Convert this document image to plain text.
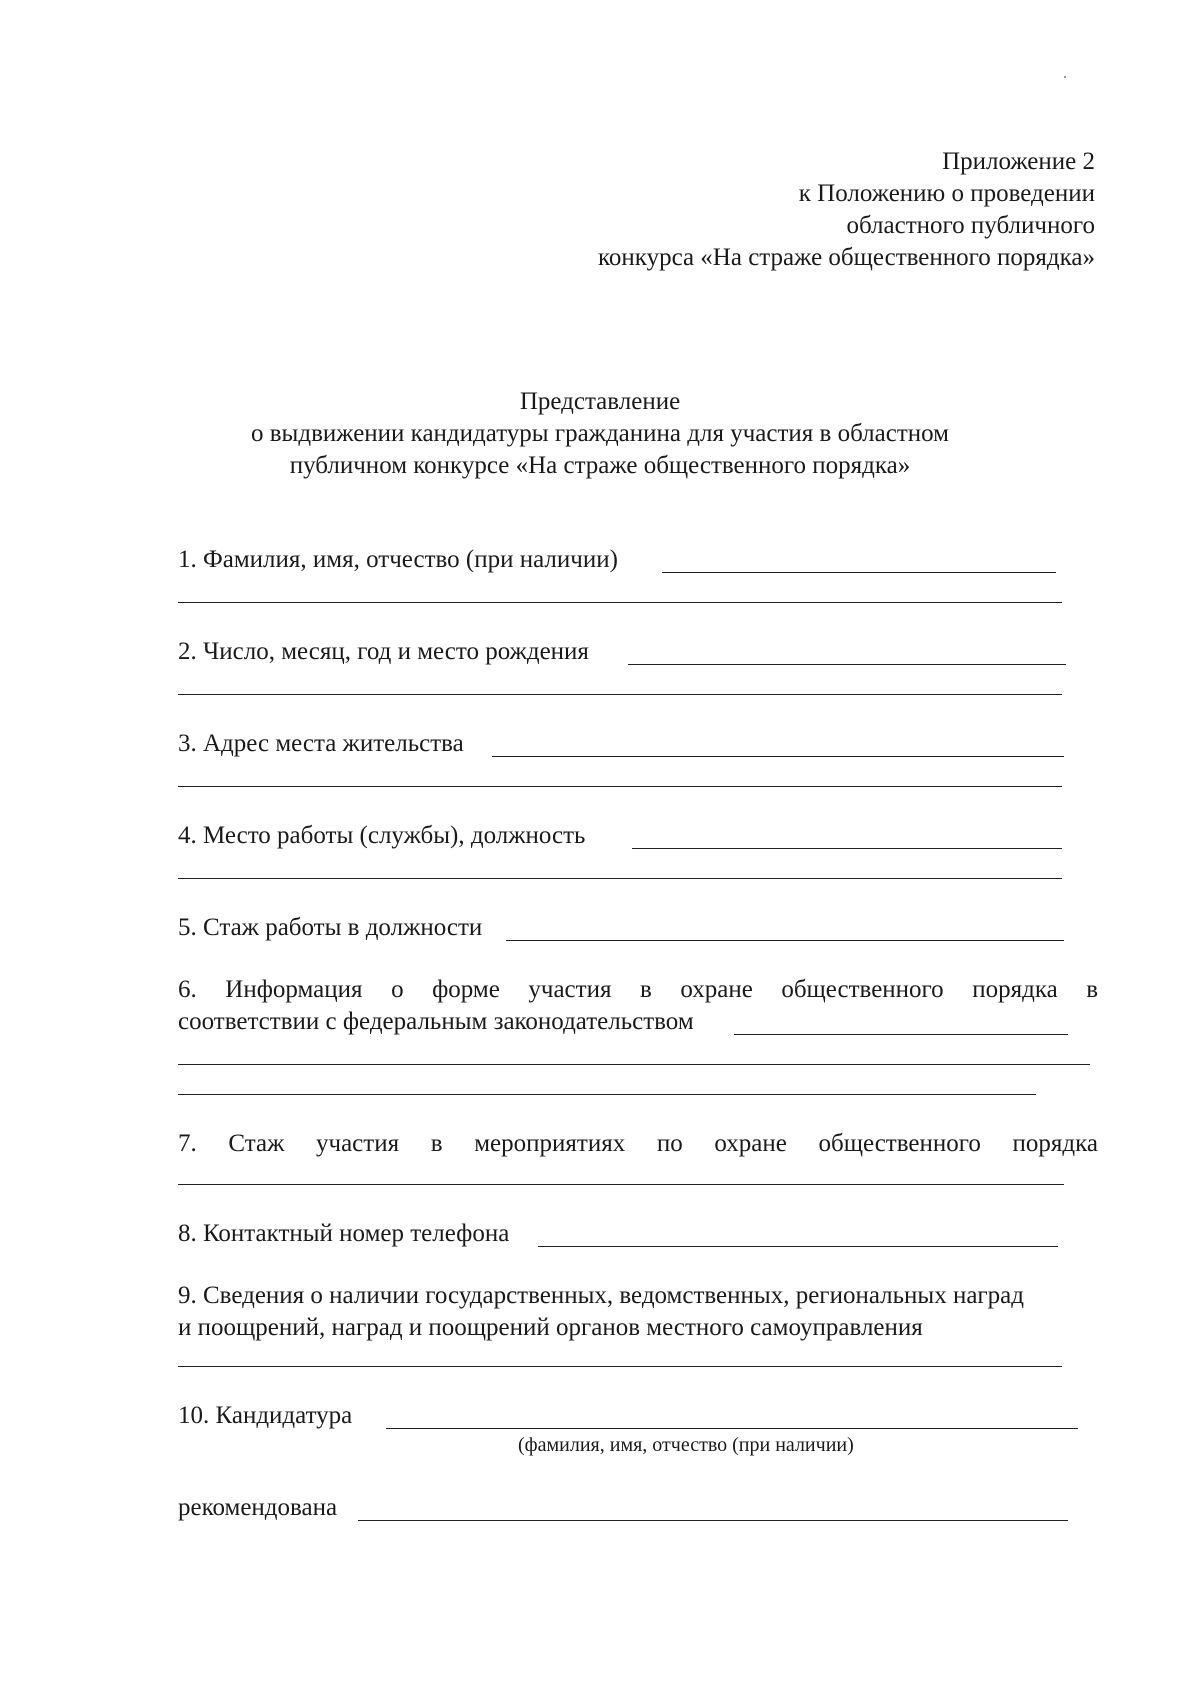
Приложение 2
к Положению о проведении
областного публичного
конкурса «На страже общественного порядка»
Представление
о выдвижении кандидатуры гражданина для участия в областном
публичном конкурсе «На страже общественного порядка»
1. Фамилия, имя, отчество (при наличии)
2. Число, месяц, год и место рождения
3. Адрес места жительства
4. Место работы (службы), должность
5. Стаж работы в должности
6. Информация о форме участия в охране общественного порядка в
соответствии с федеральным законодательством
7. Стаж участия в мероприятиях по охране общественного порядка
8. Контактный номер телефона
9. Сведения о наличии государственных, ведомственных, региональных наград
и поощрений, наград и поощрений органов местного самоуправления
10. Кандидатура
(фамилия, имя, отчество (при наличии)
рекомендована
